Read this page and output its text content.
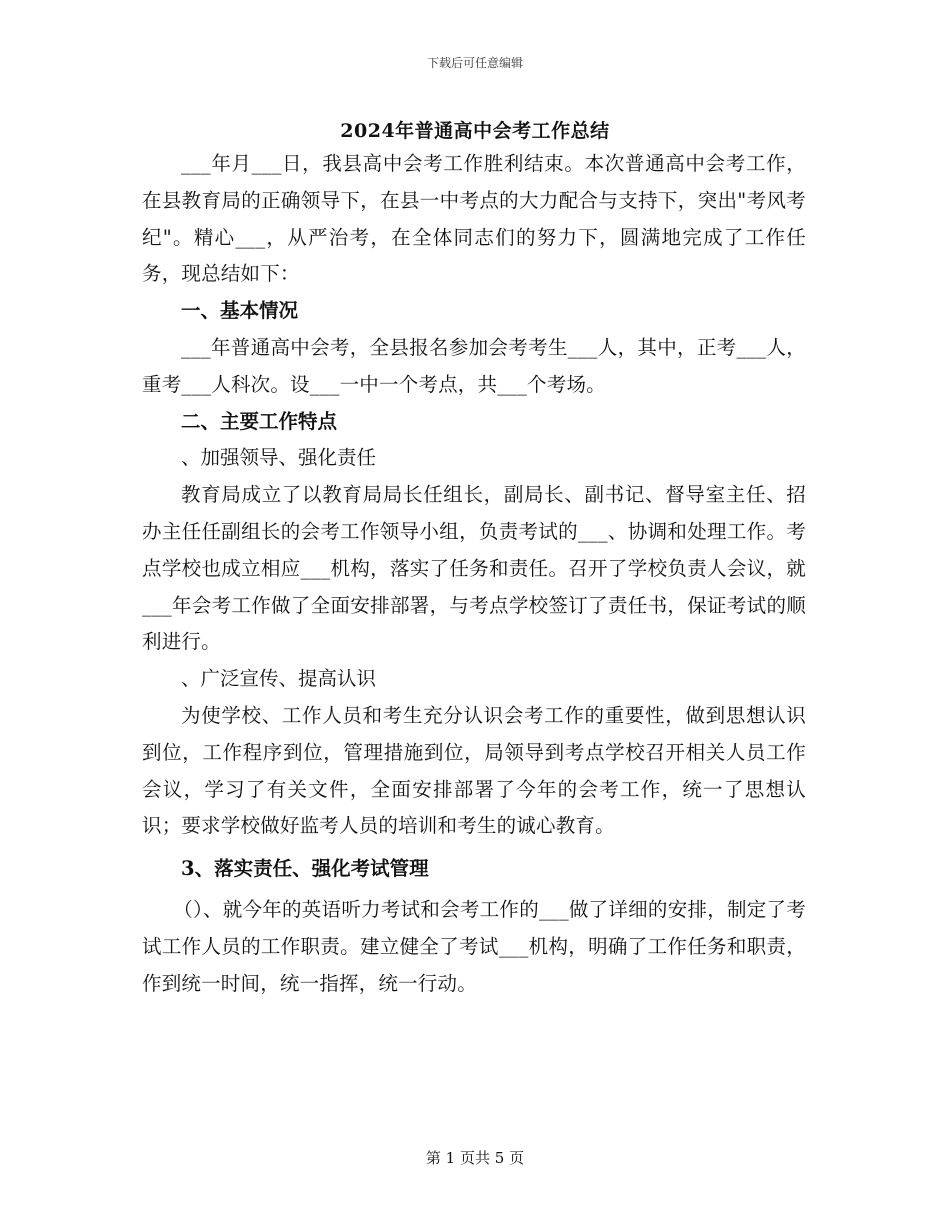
下载后可任意编辑
2024年普通高中会考工作总结

___年月___日，我县高中会考工作胜利结束。本次普通高中会考工作，在县教育局的正确领导下，在县一中考点的大力配合与支持下，突出"考风考纪"。精心___，从严治考，在全体同志们的努力下，圆满地完成了工作任务，现总结如下：

一、基本情况

___年普通高中会考，全县报名参加会考考生___人，其中，正考___人，重考___人科次。设___一中一个考点，共___个考场。

二、主要工作特点

、加强领导、强化责任

教育局成立了以教育局局长任组长，副局长、副书记、督导室主任、招办主任任副组长的会考工作领导小组，负责考试的___、协调和处理工作。考点学校也成立相应___机构，落实了任务和责任。召开了学校负责人会议，就___年会考工作做了全面安排部署，与考点学校签订了责任书，保证考试的顺利进行。

、广泛宣传、提高认识

为使学校、工作人员和考生充分认识会考工作的重要性，做到思想认识到位，工作程序到位，管理措施到位，局领导到考点学校召开相关人员工作会议，学习了有关文件，全面安排部署了今年的会考工作，统一了思想认识；要求学校做好监考人员的培训和考生的诚心教育。

3、落实责任、强化考试管理

（）、就今年的英语听力考试和会考工作的___做了详细的安排，制定了考试工作人员的工作职责。建立健全了考试___机构，明确了工作任务和职责，作到统一时间，统一指挥，统一行动。

第 1 页共 5 页
